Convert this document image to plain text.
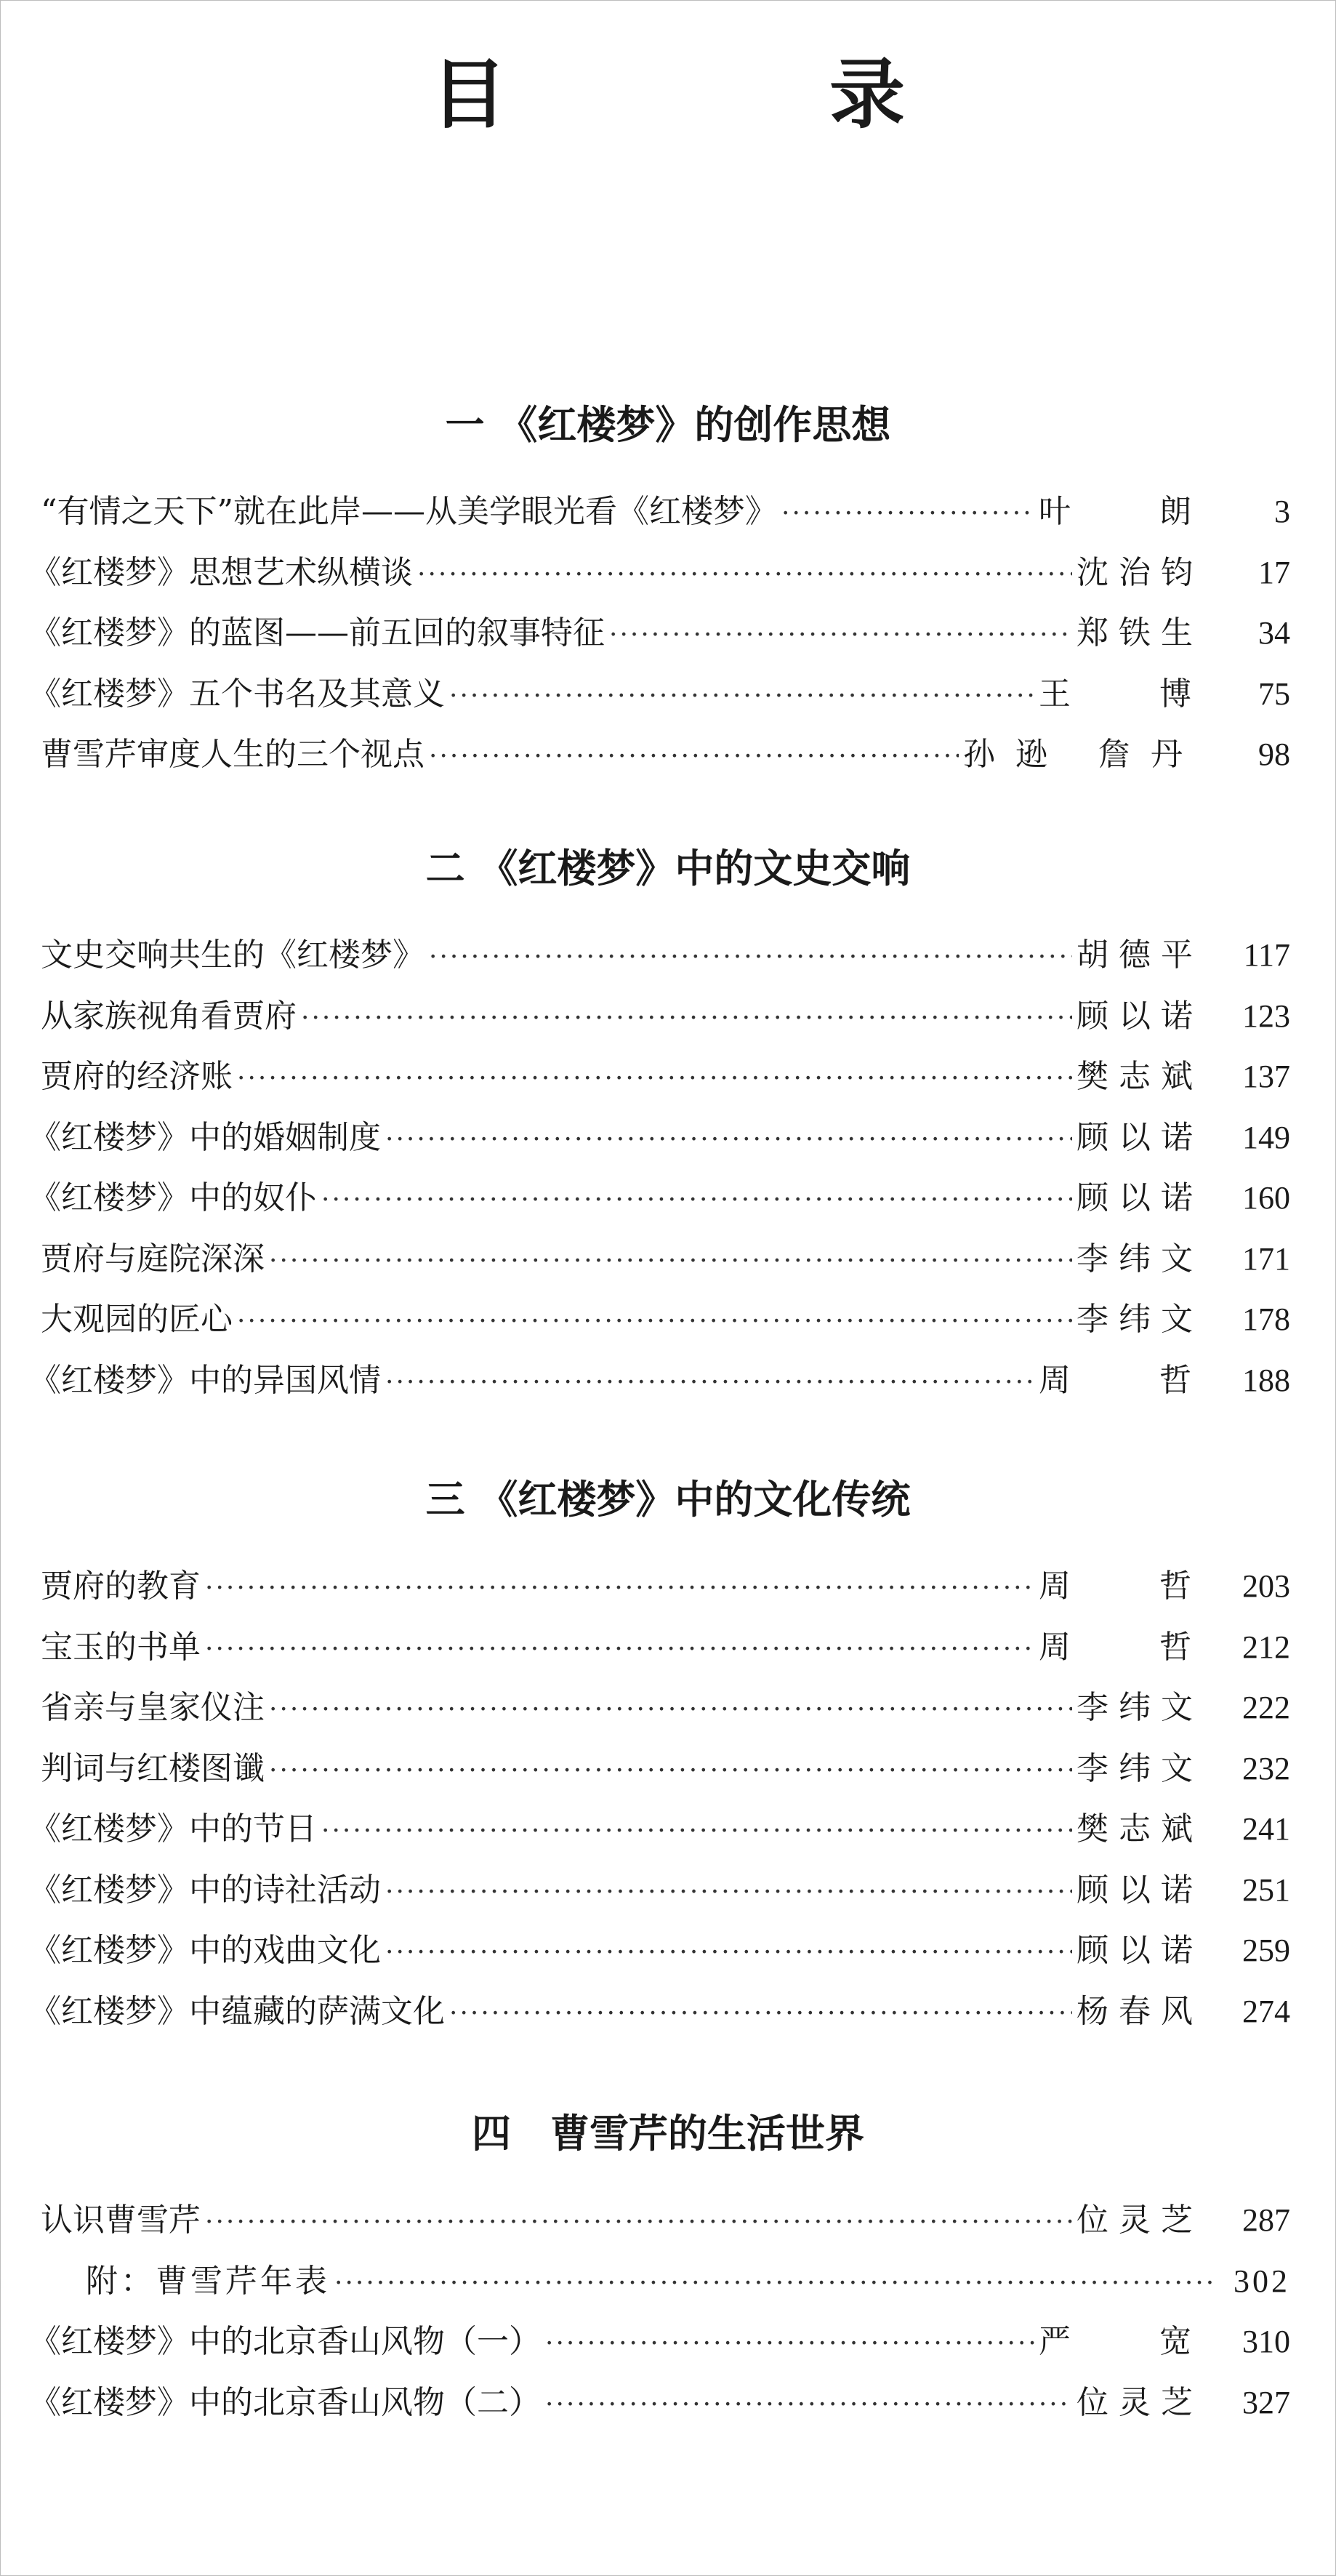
目　录
一 《红楼梦》的创作思想
“有情之天下”就在此岸——从美学眼光看《红楼梦》 ·····	叶 朗	3
《红楼梦》思想艺术纵横谈 ·····	沈治钧	17
《红楼梦》的蓝图——前五回的叙事特征 ·····	郑铁生	34
《红楼梦》五个书名及其意义 ·····	王 博 75
曹雪芹审度人生的三个视点 ·····	孙逊 詹丹	98
二 《红楼梦》中的文史交响
文史交响共生的《红楼梦》 ·····	胡德平	117
从家族视角看贾府 ·····	顾以诺	123
贾府的经济账 ·····	樊志斌	137
《红楼梦》中的婚姻制度 ·····	顾以诺	149
《红楼梦》中的奴仆 ·····	顾以诺	160
贾府与庭院深深 ·····	李纬文	171
大观园的匠心 ·····	李纬文	178
《红楼梦》中的异国风情 ·····	周 哲 188
三 《红楼梦》中的文化传统
贾府的教育 ·····	周 哲 203
宝玉的书单 ·····	周 哲 212
省亲与皇家仪注 ·····	李纬文	222
判词与红楼图谶 ·····	李纬文	232
《红楼梦》中的节日 ·····	樊志斌	241
《红楼梦》中的诗社活动 ·····	顾以诺	251
《红楼梦》中的戏曲文化 ·····	顾以诺	259
《红楼梦》中蕴藏的萨满文化 ·····	杨春风	274
四　曹雪芹的生活世界
认识曹雪芹 ·····	位灵芝	287
附：曹雪芹年表 ·····	302
《红楼梦》中的北京香山风物（一） ·····	严 宽 310
《红楼梦》中的北京香山风物（二） ·····	位灵芝	327
